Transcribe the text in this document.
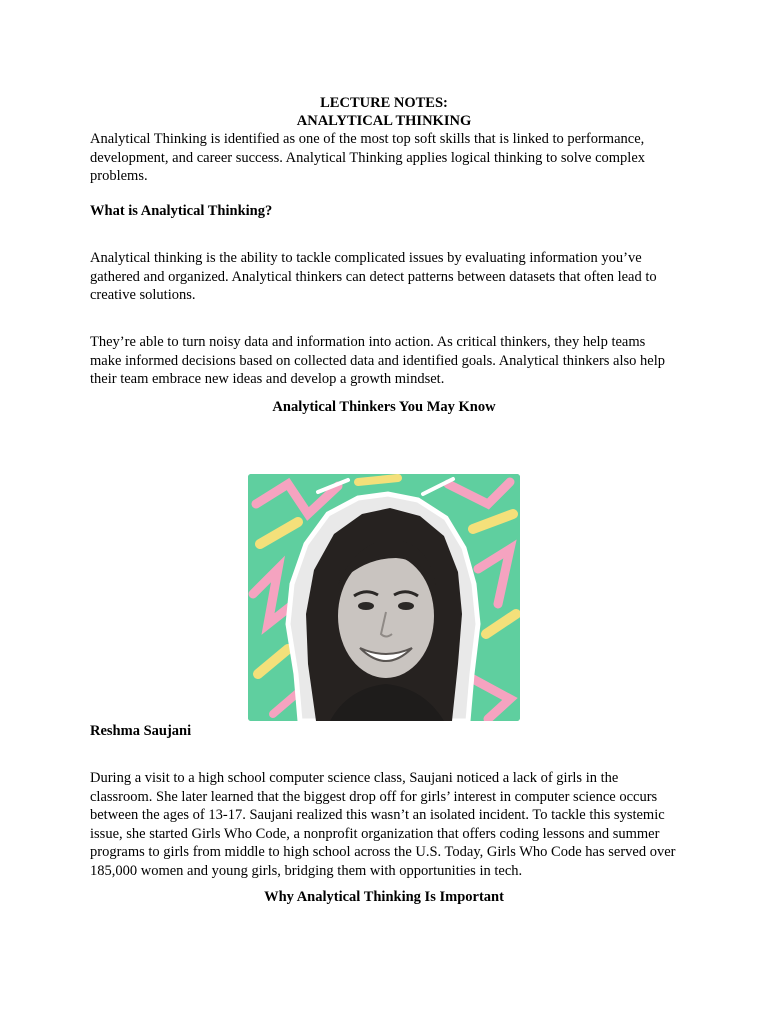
LECTURE NOTES:
ANALYTICAL THINKING

Analytical Thinking is identified as one of the most top soft skills that is linked to performance, development, and career success. Analytical Thinking applies logical thinking to solve complex problems.

What is Analytical Thinking?

Analytical thinking is the ability to tackle complicated issues by evaluating information you’ve gathered and organized. Analytical thinkers can detect patterns between datasets that often lead to creative solutions.

They’re able to turn noisy data and information into action. As critical thinkers, they help teams make informed decisions based on collected data and identified goals. Analytical thinkers also help their team embrace new ideas and develop a growth mindset.

Analytical Thinkers You May Know

Reshma Saujani

During a visit to a high school computer science class, Saujani noticed a lack of girls in the classroom. She later learned that the biggest drop off for girls’ interest in computer science occurs between the ages of 13-17. Saujani realized this wasn’t an isolated incident. To tackle this systemic issue, she started Girls Who Code, a nonprofit organization that offers coding lessons and summer programs to girls from middle to high school across the U.S. Today, Girls Who Code has served over 185,000 women and young girls, bridging them with opportunities in tech.

Why Analytical Thinking Is Important
